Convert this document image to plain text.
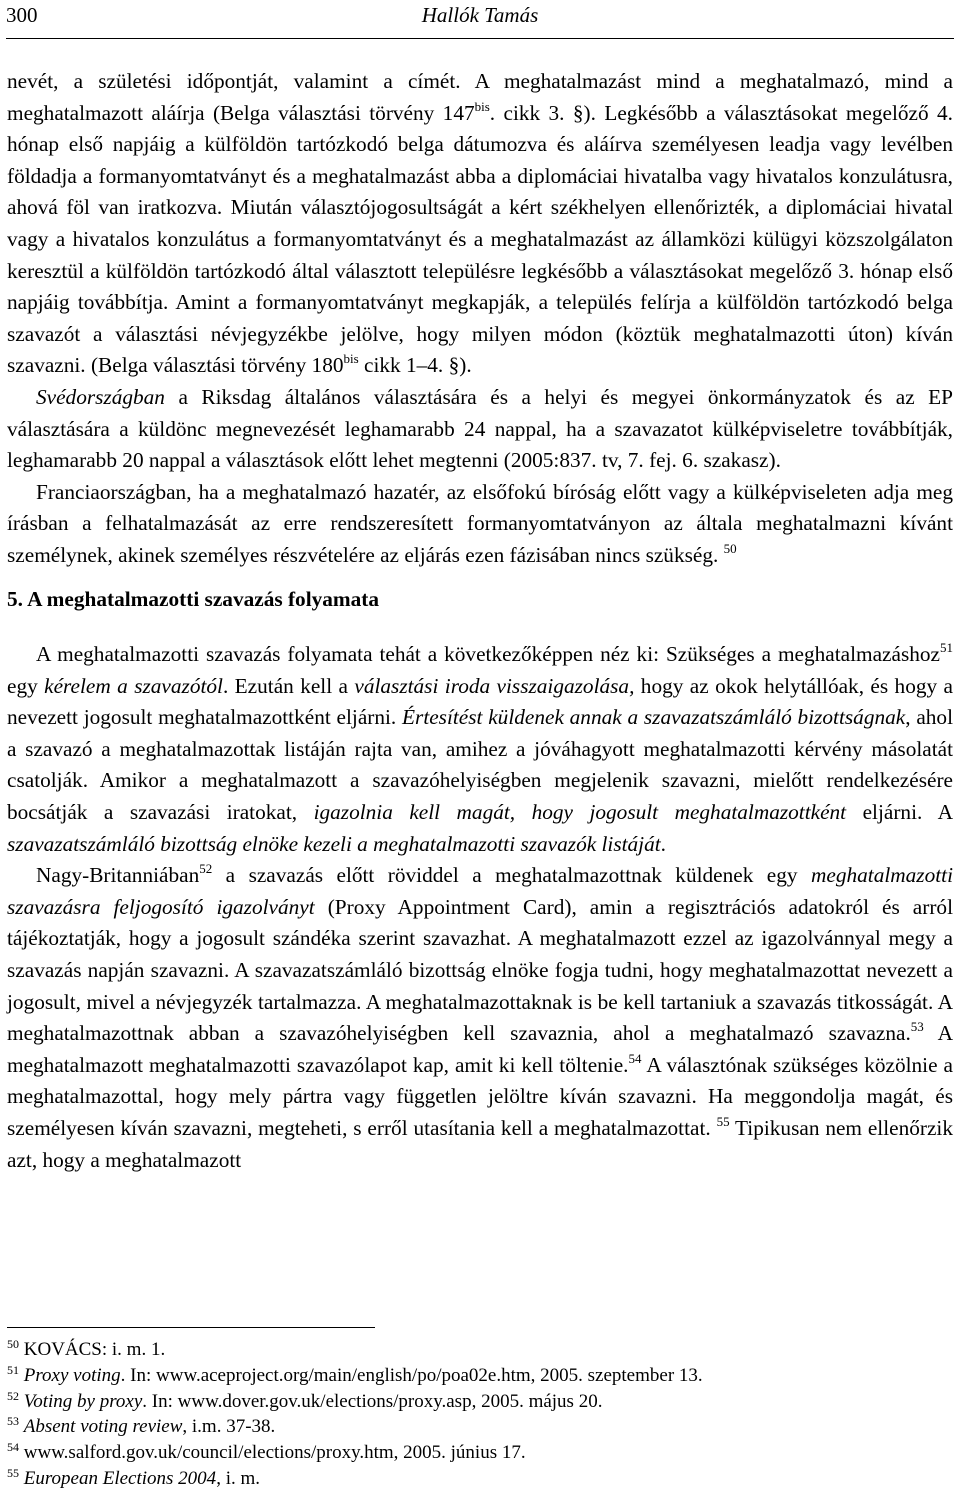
300	Hallók Tamás

nevét, a születési időpontját, valamint a címét. A meghatalmazást mind a meghatalmazó, mind a meghatalmazott aláírja (Belga választási törvény $147^{bis}$. cikk 3. §). Legkésőbb a választásokat megelőző 4. hónap első napjáig a külföldön tartózkodó belga dátumozva és aláírva személyesen leadja vagy levélben földadja a formanyomtatványt és a meghatalmazást abba a diplomáciai hivatalba vagy hivatalos konzulátusra, ahová föl van iratkozva. Miután választójogosultságát a kért székhelyen ellenőrizték, a diplomáciai hivatal vagy a hivatalos konzulátus a formanyomtatványt és a meghatalmazást az államközi külügyi közszolgálaton keresztül a külföldön tartózkodó által választott településre legkésőbb a választásokat megelőző 3. hónap első napjáig továbbítja. Amint a formanyomtatványt megkapják, a település felírja a külföldön tartózkodó belga szavazót a választási névjegyzékbe jelölve, hogy milyen módon (köztük meghatalmazotti úton) kíván szavazni. (Belga választási törvény $180^{bis}$ cikk 1–4. §).

Svédországban a Riksdag általános választására és a helyi és megyei önkormányzatok és az EP választására a küldönc megnevezését leghamarabb 24 nappal, ha a szavazatot külképviseletre továbbítják, leghamarabb 20 nappal a választások előtt lehet megtenni (2005:837. tv, 7. fej. 6. szakasz).

Franciaországban, ha a meghatalmazó hazatér, az elsőfokú bíróság előtt vagy a külképviseleten adja meg írásban a felhatalmazását az erre rendszeresített formanyomtatványon az általa meghatalmazni kívánt személynek, akinek személyes részvételére az eljárás ezen fázisában nincs szükség. $^{50}$

5. A meghatalmazotti szavazás folyamata

A meghatalmazotti szavazás folyamata tehát a következőképpen néz ki: Szükséges a meghatalmazáshoz$^{51}$ egy kérelem a szavazótól. Ezután kell a választási iroda visszaigazolása, hogy az okok helytállóak, és hogy a nevezett jogosult meghatalmazottként eljárni. Értesítést küldenek annak a szavazatszámláló bizottságnak, ahol a szavazó a meghatalmazottak listáján rajta van, amihez a jóváhagyott meghatalmazotti kérvény másolatát csatolják. Amikor a meghatalmazott a szavazóhelyiségben megjelenik szavazni, mielőtt rendelkezésére bocsátják a szavazási iratokat, igazolnia kell magát, hogy jogosult meghatalmazottként eljárni. A szavazatszámláló bizottság elnöke kezeli a meghatalmazotti szavazók listáját.

Nagy-Britanniában$^{52}$ a szavazás előtt röviddel a meghatalmazottnak küldenek egy meghatalmazotti szavazásra feljogosító igazolványt (Proxy Appointment Card), amin a regisztrációs adatokról és arról tájékoztatják, hogy a jogosult szándéka szerint szavazhat. A meghatalmazott ezzel az igazolvánnyal megy a szavazás napján szavazni. A szavazatszámláló bizottság elnöke fogja tudni, hogy meghatalmazottat nevezett a jogosult, mivel a névjegyzék tartalmazza. A meghatalmazottaknak is be kell tartaniuk a szavazás titkosságát. A meghatalmazottnak abban a szavazóhelyiségben kell szavaznia, ahol a meghatalmazó szavazna.$^{53}$ A meghatalmazott meghatalmazotti szavazólapot kap, amit ki kell töltenie.$^{54}$ A választónak szükséges közölnie a meghatalmazottal, hogy mely pártra vagy független jelöltre kíván szavazni. Ha meggondolja magát, és személyesen kíván szavazni, megteheti, s erről utasítania kell a meghatalmazottat. $^{55}$ Tipikusan nem ellenőrzik azt, hogy a meghatalmazott

$^{50}$ KOVÁCS: i. m. 1.

$^{51}$ Proxy voting. In: www.aceproject.org/main/english/po/poa02e.htm, 2005. szeptember 13.

$^{52}$ Voting by proxy. In: www.dover.gov.uk/elections/proxy.asp, 2005. május 20.

$^{53}$ Absent voting review, i.m. 37-38.

$^{54}$ www.salford.gov.uk/council/elections/proxy.htm, 2005. június 17.

$^{55}$ European Elections 2004, i. m.
